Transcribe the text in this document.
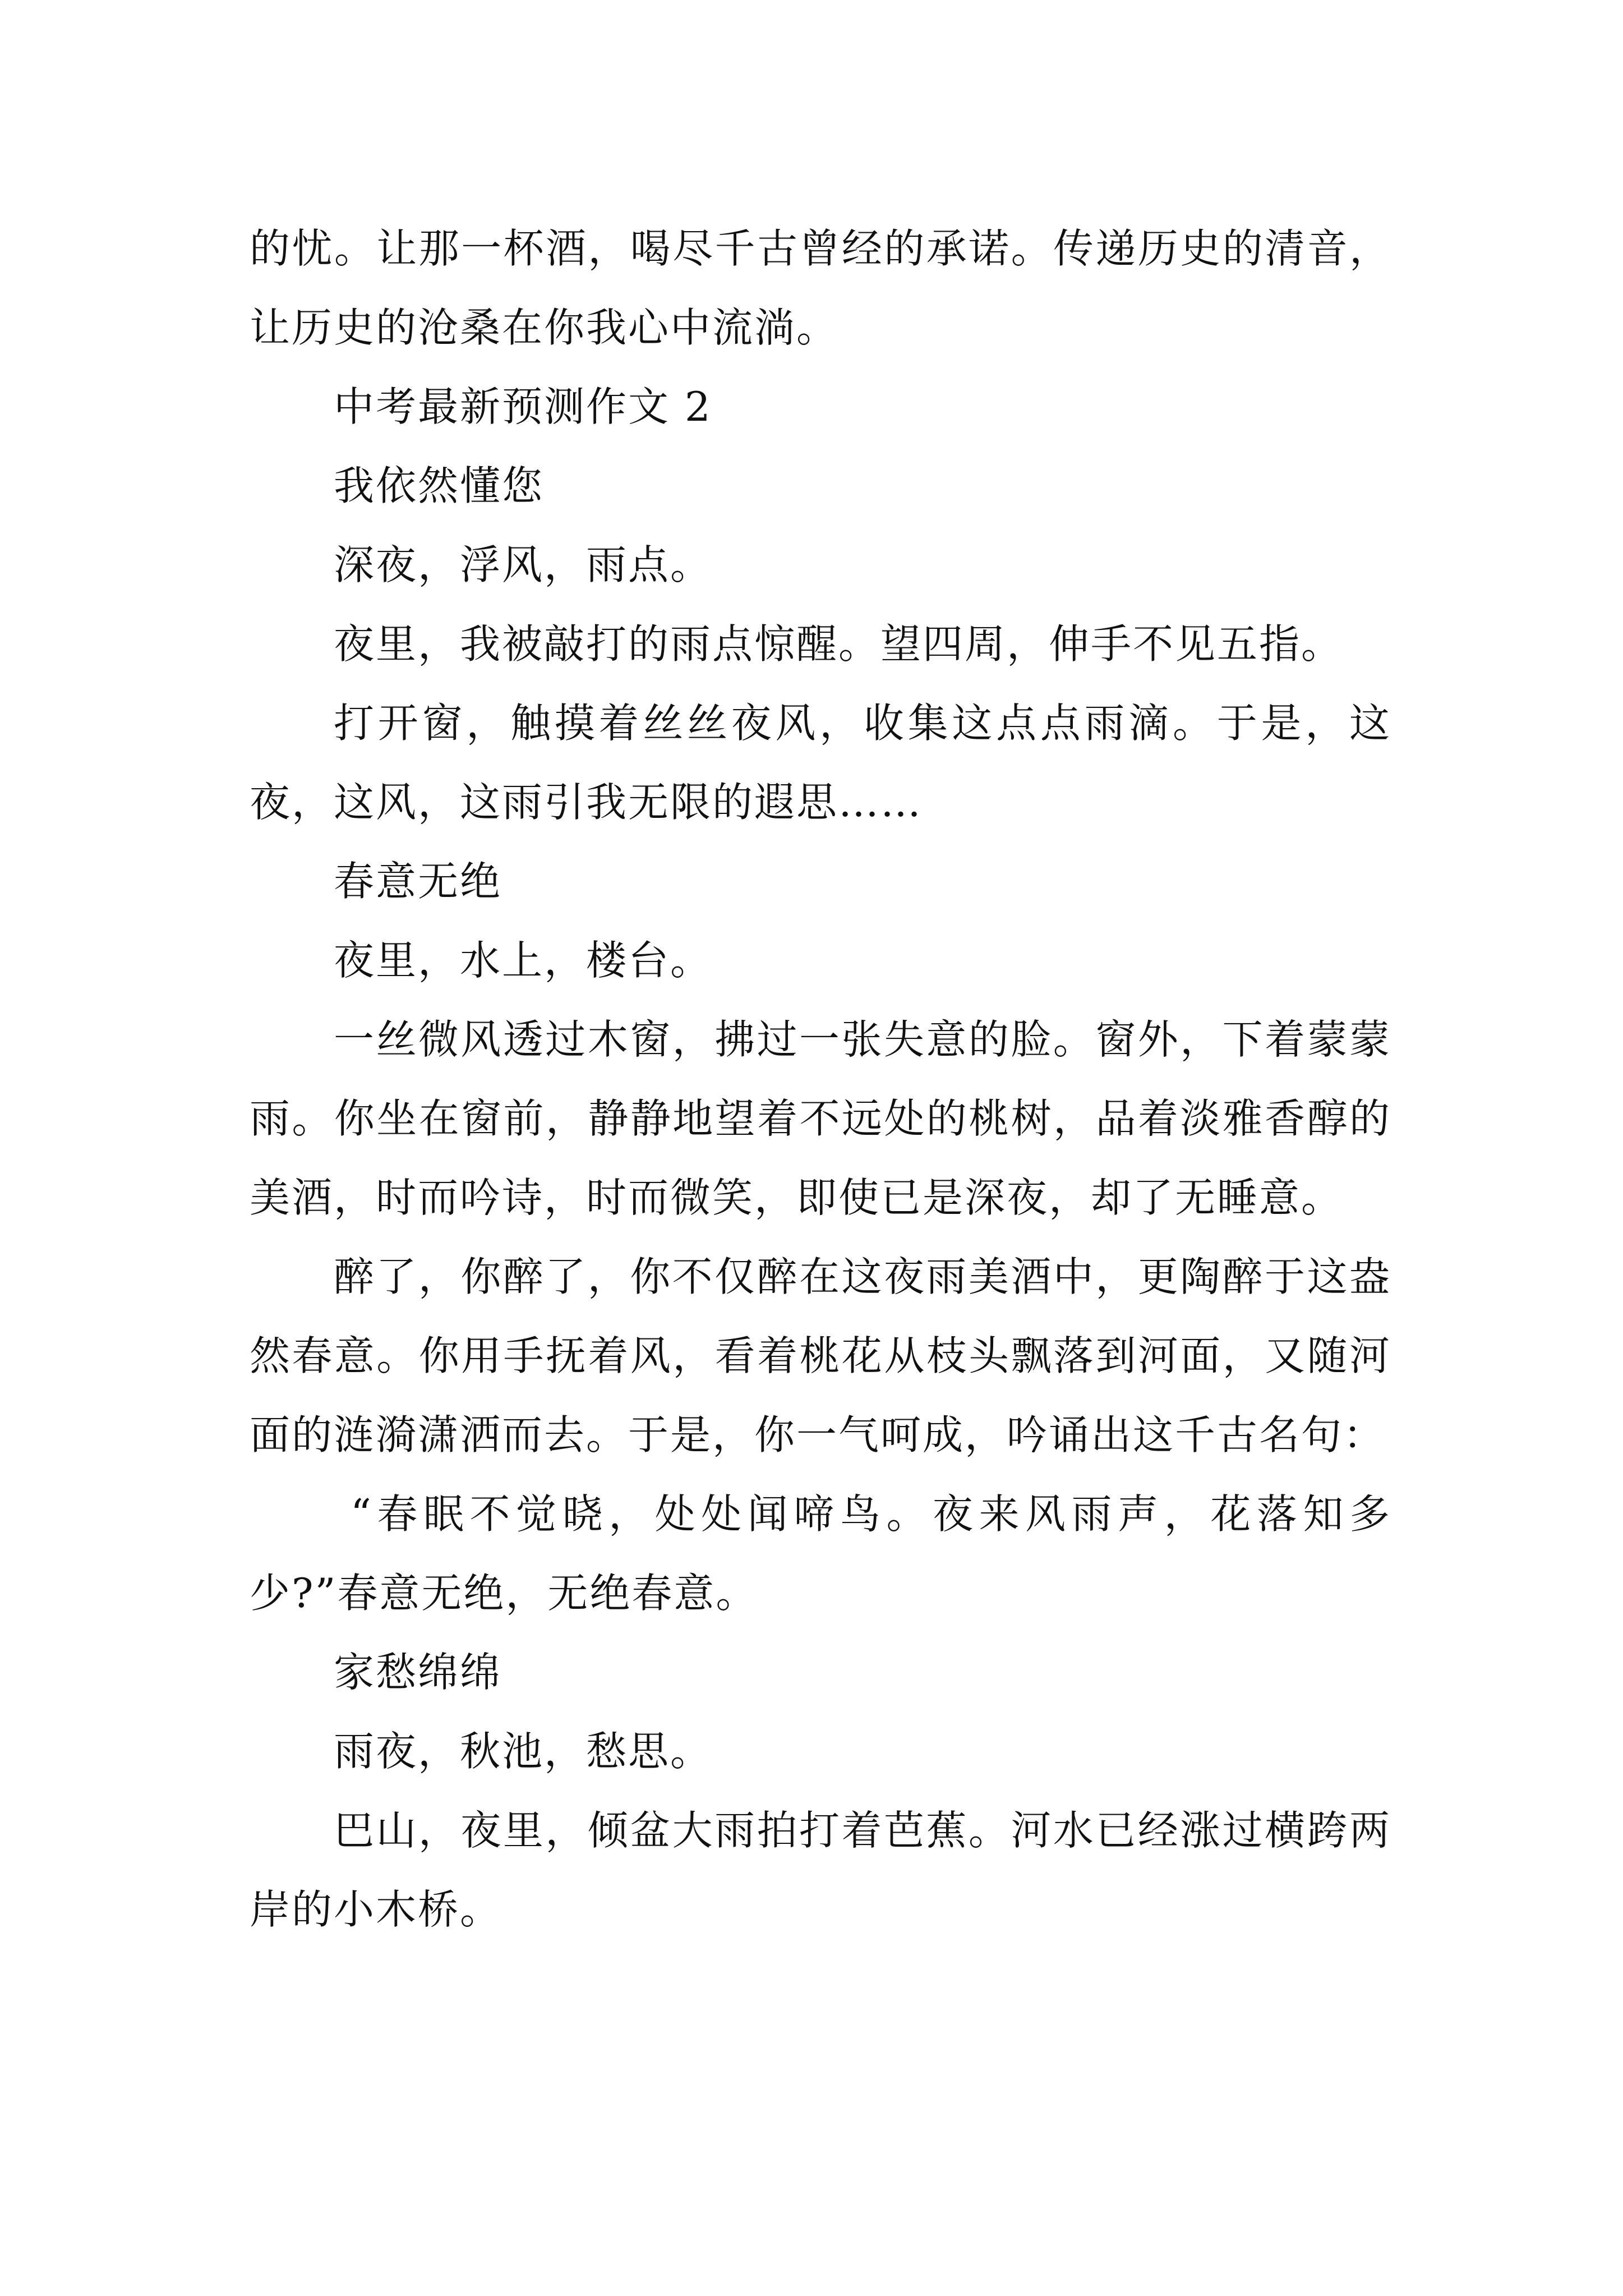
的忧。让那一杯酒，喝尽千古曾经的承诺。传递历史的清音，让历史的沧桑在你我心中流淌。

中考最新预测作文 2

我依然懂您

深夜，浮风，雨点。

夜里，我被敲打的雨点惊醒。望四周，伸手不见五指。

打开窗，触摸着丝丝夜风，收集这点点雨滴。于是，这夜，这风，这雨引我无限的遐思……

春意无绝

夜里，水上，楼台。

一丝微风透过木窗，拂过一张失意的脸。窗外，下着蒙蒙雨。你坐在窗前，静静地望着不远处的桃树，品着淡雅香醇的美酒，时而吟诗，时而微笑，即使已是深夜，却了无睡意。

醉了，你醉了，你不仅醉在这夜雨美酒中，更陶醉于这盎然春意。你用手抚着风，看着桃花从枝头飘落到河面，又随河面的涟漪潇洒而去。于是，你一气呵成，吟诵出这千古名句：

“春眠不觉晓，处处闻啼鸟。夜来风雨声，花落知多少?”春意无绝，无绝春意。

家愁绵绵

雨夜，秋池，愁思。

巴山，夜里，倾盆大雨拍打着芭蕉。河水已经涨过横跨两岸的小木桥。
